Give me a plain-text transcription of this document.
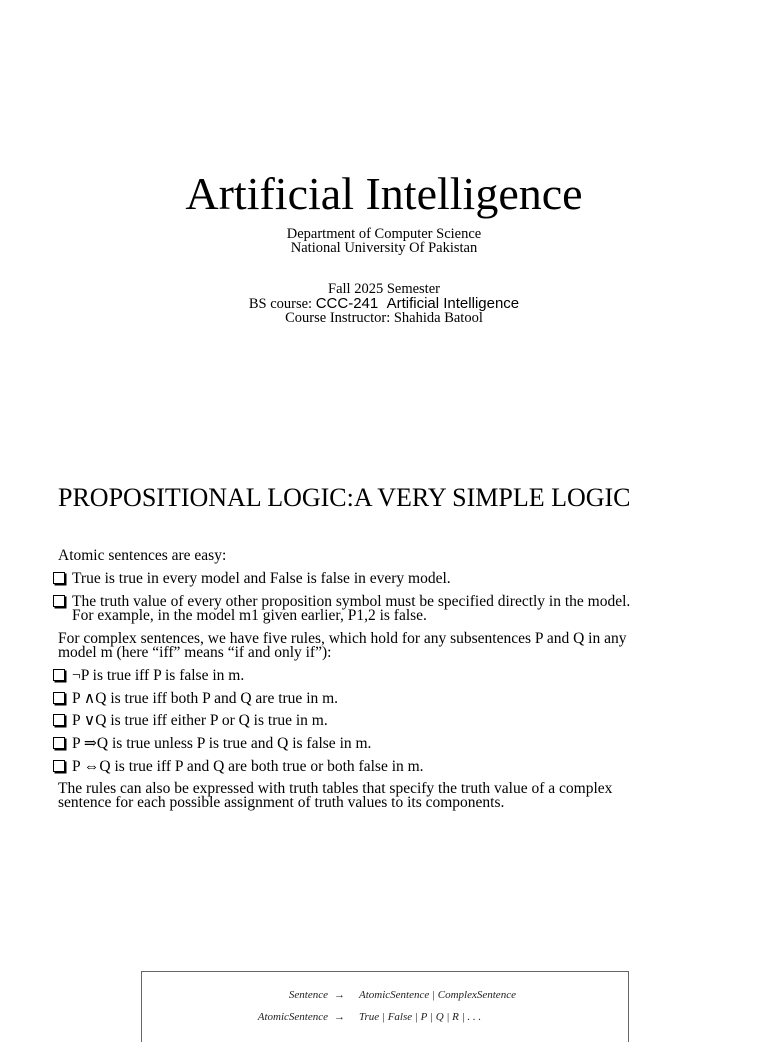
Artificial Intelligence
Department of Computer Science
National University Of Pakistan
Fall 2025 Semester
BS course: CCC-241 Artificial Intelligence
Course Instructor: Shahida Batool
PROPOSITIONAL LOGIC:A VERY SIMPLE LOGIC
Atomic sentences are easy:
True is true in every model and False is false in every model.
The truth value of every other proposition symbol must be specified directly in the model.
For example, in the model m1 given earlier, P1,2 is false.
For complex sentences, we have five rules, which hold for any subsentences P and Q in any
model m (here “iff” means “if and only if”):
¬P is true iff P is false in m.
P ∧Q is true iff both P and Q are true in m.
P ∨Q is true iff either P or Q is true in m.
P ⇒Q is true unless P is true and Q is false in m.
P ⇔Q is true iff P and Q are both true or both false in m.
The rules can also be expressed with truth tables that specify the truth value of a complex
sentence for each possible assignment of truth values to its components.
Sentence → AtomicSentence | ComplexSentence
AtomicSentence → True | False | P | Q | R | . . .
